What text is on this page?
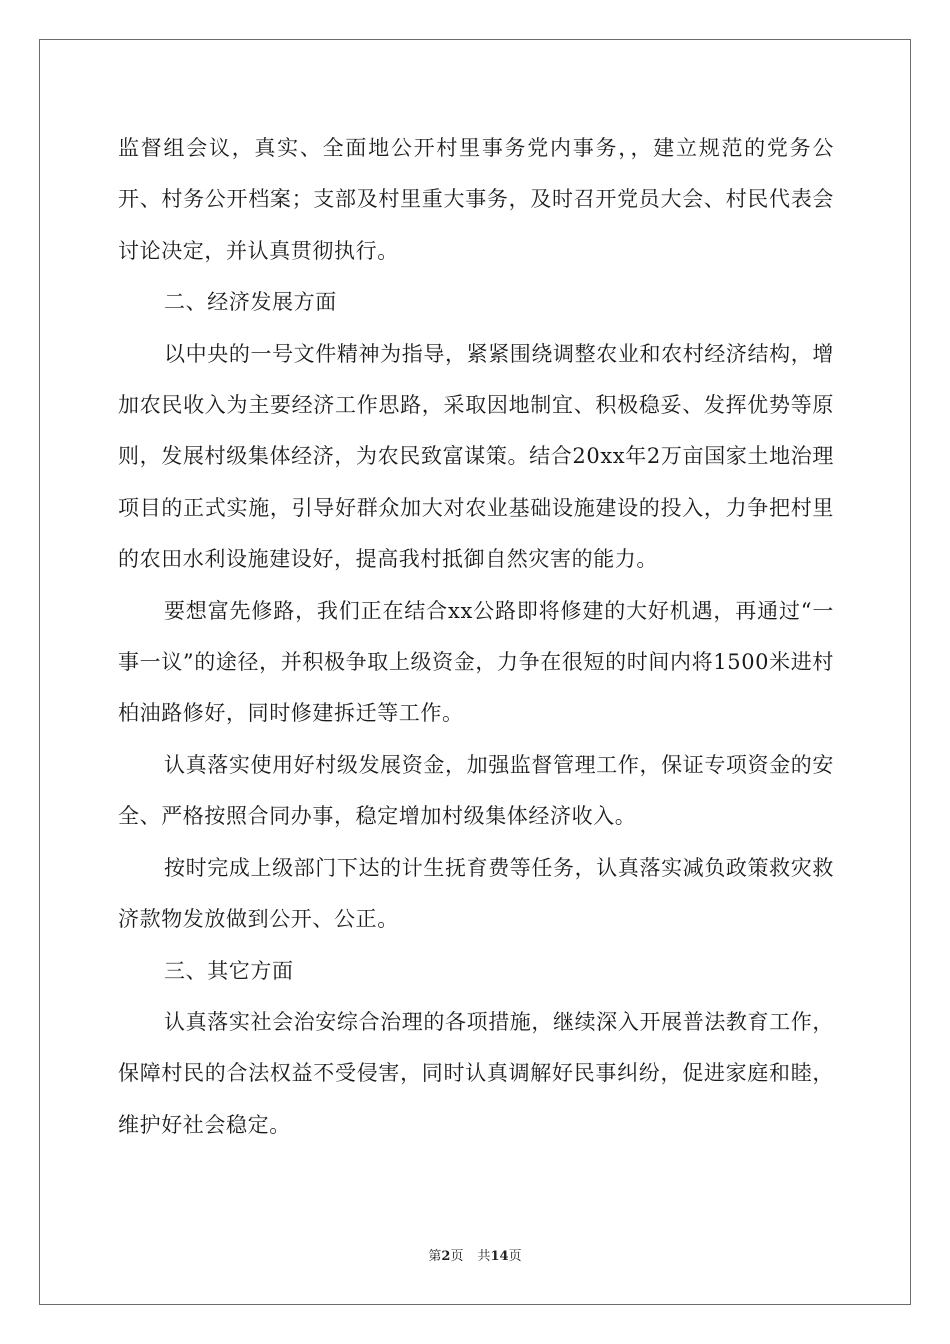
监督组会议，真实、全面地公开村里事务党内事务，，建立规范的党务公开、村务公开档案；支部及村里重大事务，及时召开党员大会、村民代表会讨论决定，并认真贯彻执行。

二、经济发展方面

以中央的一号文件精神为指导，紧紧围绕调整农业和农村经济结构，增加农民收入为主要经济工作思路，采取因地制宜、积极稳妥、发挥优势等原则，发展村级集体经济，为农民致富谋策。结合20xx年2万亩国家土地治理项目的正式实施，引导好群众加大对农业基础设施建设的投入，力争把村里的农田水利设施建设好，提高我村抵御自然灾害的能力。

要想富先修路，我们正在结合xx公路即将修建的大好机遇，再通过“一事一议”的途径，并积极争取上级资金，力争在很短的时间内将1500米进村柏油路修好，同时修建拆迁等工作。

认真落实使用好村级发展资金，加强监督管理工作，保证专项资金的安全、严格按照合同办事，稳定增加村级集体经济收入。

按时完成上级部门下达的计生抚育费等任务，认真落实减负政策救灾救济款物发放做到公开、公正。

三、其它方面

认真落实社会治安综合治理的各项措施，继续深入开展普法教育工作，保障村民的合法权益不受侵害，同时认真调解好民事纠纷，促进家庭和睦，维护好社会稳定。

第2页 共14页
